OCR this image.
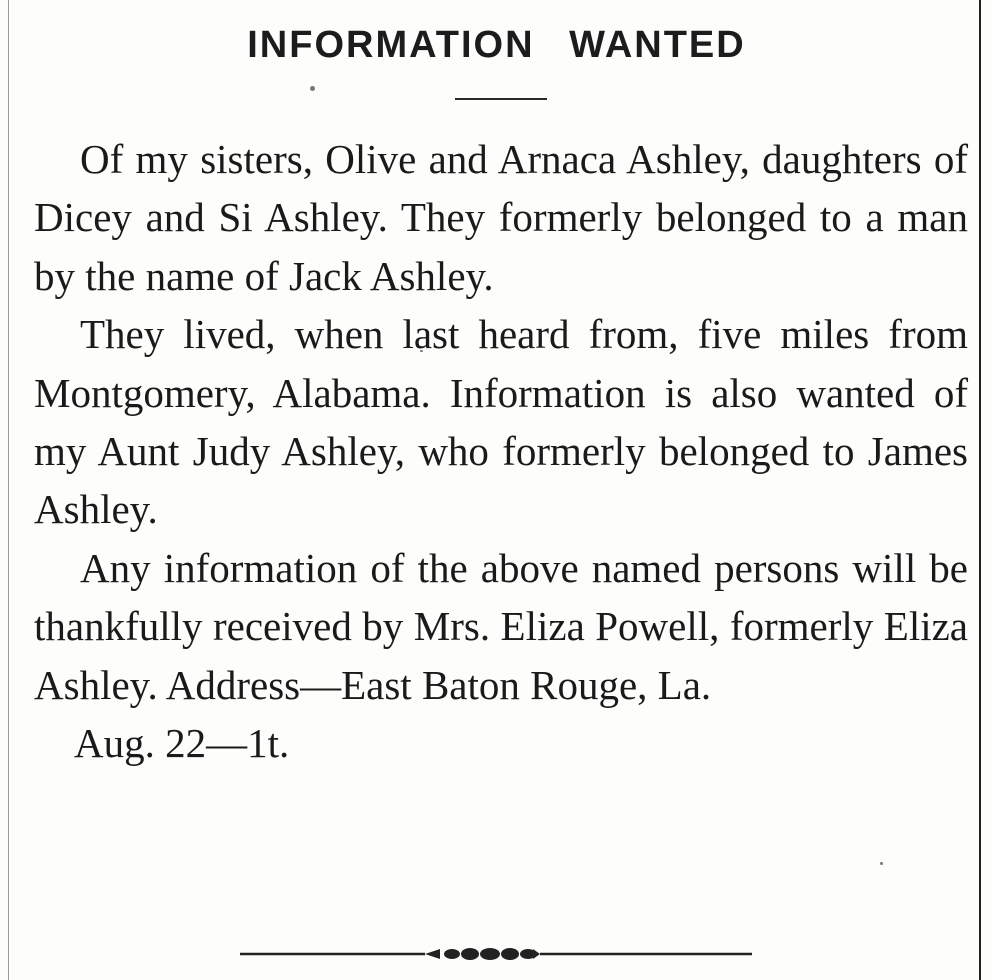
INFORMATION WANTED

Of my sisters, Olive and Arnaca Ashley, daughters of Dicey and Si Ashley. They formerly belonged to a man by the name of Jack Ashley.

They lived, when last heard from, five miles from Montgomery, Alabama. Information is also wanted of my Aunt Judy Ashley, who formerly belonged to James Ashley.

Any information of the above named persons will be thankfully received by Mrs. Eliza Powell, formerly Eliza Ashley. Address—East Baton Rouge, La.

Aug. 22—1t.
